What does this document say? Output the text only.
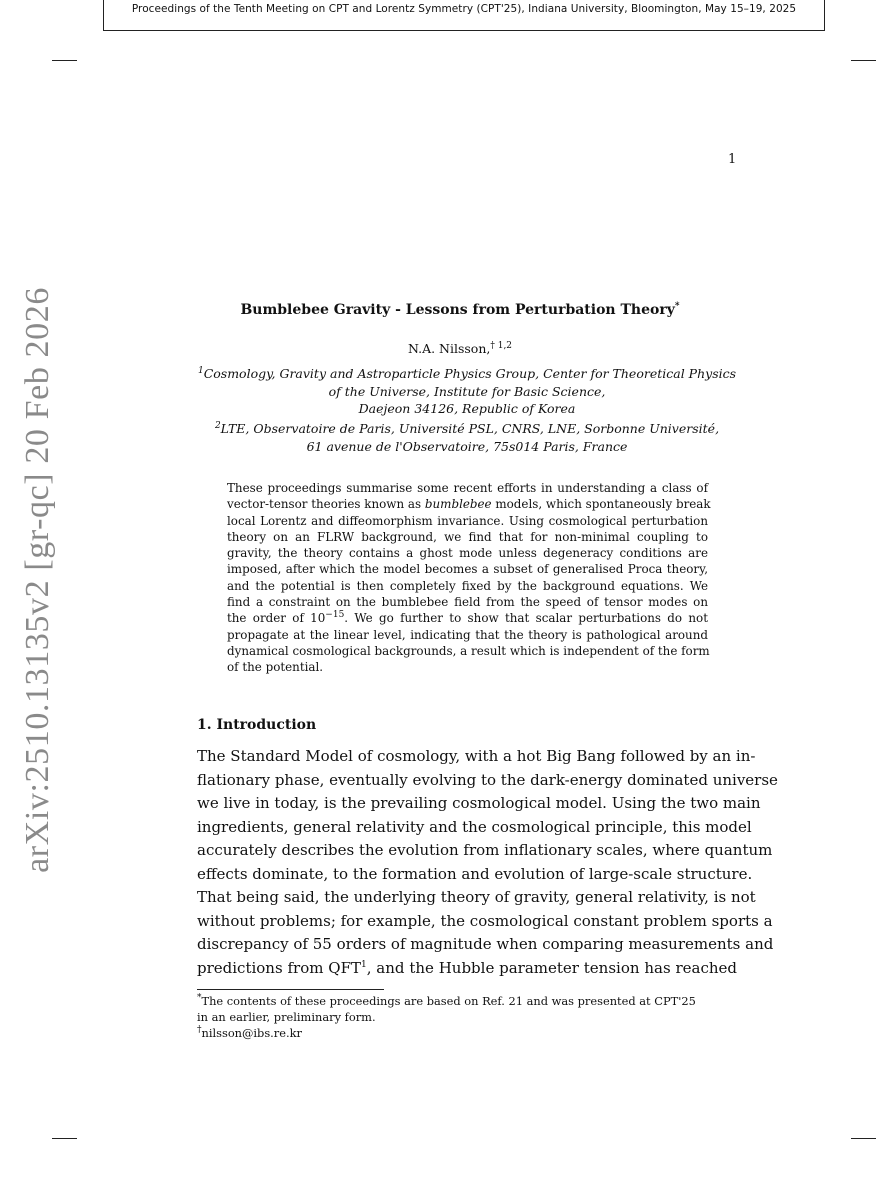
Proceedings of the Tenth Meeting on CPT and Lorentz Symmetry (CPT'25), Indiana University, Bloomington, May 15–19, 2025
1
arXiv:2510.13135v2 [gr-qc] 20 Feb 2026	Bumblebee Gravity - Lessons from Perturbation Theory*
N.A. Nilsson,$^{\dagger 1,2}$
$^1$Cosmology, Gravity and Astroparticle Physics Group, Center for Theoretical Physics
of the Universe, Institute for Basic Science,
Daejeon 34126, Republic of Korea
$^2$LTE, Observatoire de Paris, Université PSL, CNRS, LNE, Sorbonne Université,
61 avenue de l'Observatoire, 75s014 Paris, France
These proceedings summarise some recent efforts in understanding a class of
vector-tensor theories known as bumblebee models, which spontaneously break
local Lorentz and diffeomorphism invariance. Using cosmological perturbation
theory on an FLRW background, we find that for non-minimal coupling to
gravity, the theory contains a ghost mode unless degeneracy conditions are
imposed, after which the model becomes a subset of generalised Proca theory,
and the potential is then completely fixed by the background equations. We
find a constraint on the bumblebee field from the speed of tensor modes on
the order of $10^{-15}$. We go further to show that scalar perturbations do not
propagate at the linear level, indicating that the theory is pathological around
dynamical cosmological backgrounds, a result which is independent of the form
of the potential.
1. Introduction
The Standard Model of cosmology, with a hot Big Bang followed by an in-
flationary phase, eventually evolving to the dark-energy dominated universe
we live in today, is the prevailing cosmological model. Using the two main
ingredients, general relativity and the cosmological principle, this model
accurately describes the evolution from inflationary scales, where quantum
effects dominate, to the formation and evolution of large-scale structure.
That being said, the underlying theory of gravity, general relativity, is not
without problems; for example, the cosmological constant problem sports a
discrepancy of 55 orders of magnitude when comparing measurements and
predictions from QFT$^1$, and the Hubble parameter tension has reached
*The contents of these proceedings are based on Ref. 21 and was presented at CPT'25
in an earlier, preliminary form.
†nilsson@ibs.re.kr
